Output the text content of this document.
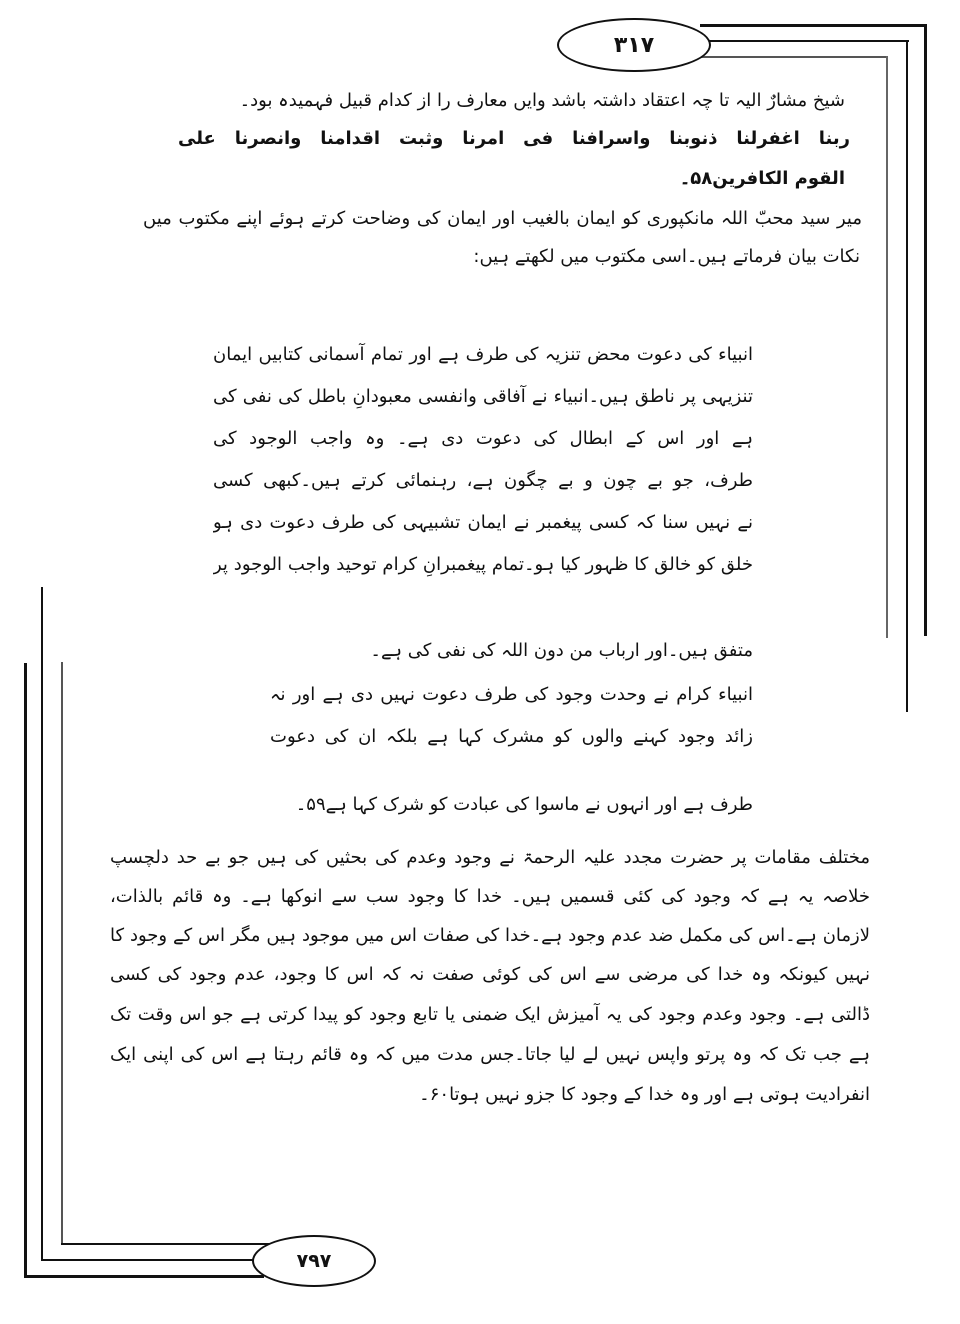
۳۱۷
۷۹۷
شیخ مشارٌ الیہ تا چہ اعتقاد داشتہ باشد وایں معارف را از کدام قبیل فہمیدہ بود۔
ربنا اغفرلنا ذنوبنا واسرافنا فی امرنا وثبت اقدامنا وانصرنا علی
القوم الکافرین۵۸۔
میر سید محبّ اللہ مانکپوری کو ایمان بالغیب اور ایمان کی وضاحت کرتے ہوئے اپنے مکتوب میں
نکات بیان فرماتے ہیں۔اسی مکتوب میں لکھتے ہیں:
انبیاء کی دعوت محض تنزیہ کی طرف ہے اور تمام آسمانی کتابیں ایمان
تنزیہی پر ناطق ہیں۔انبیاء نے آفاقی وانفسی معبودانِ باطل کی نفی کی
ہے اور اس کے ابطال کی دعوت دی ہے۔ وہ واجب الوجود کی
طرف، جو بے چون و بے چگون ہے، رہنمائی کرتے ہیں۔کبھی کسی
نے نہیں سنا کہ کسی پیغمبر نے ایمان تشبیہی کی طرف دعوت دی ہو
خلق کو خالق کا ظہور کیا ہو۔تمام پیغمبرانِ کرام توحید واجب الوجود پر
متفق ہیں۔اور ارباب من دون اللہ کی نفی کی ہے۔
انبیاء کرام نے وحدت وجود کی طرف دعوت نہیں دی ہے اور نہ
زائد وجود کہنے والوں کو مشرک کہا ہے بلکہ ان کی دعوت
طرف ہے اور انہوں نے ماسوا کی عبادت کو شرک کہا ہے۵۹۔
مختلف مقامات پر حضرت مجدد علیہ الرحمۃ نے وجود وعدم کی بحثیں کی ہیں جو بے حد دلچسپ
خلاصہ یہ ہے کہ وجود کی کئی قسمیں ہیں۔ خدا کا وجود سب سے انوکھا ہے۔ وہ قائم بالذات،
لازمان ہے۔اس کی مکمل ضد عدم وجود ہے۔خدا کی صفات اس میں موجود ہیں مگر اس کے وجود کا
نہیں کیونکہ وہ خدا کی مرضی سے اس کی کوئی صفت نہ کہ اس کا وجود، عدم وجود کی کسی
ڈالتی ہے۔ وجود وعدم وجود کی یہ آمیزش ایک ضمنی یا تابع وجود کو پیدا کرتی ہے جو اس وقت تک
ہے جب تک کہ وہ پرتو واپس نہیں لے لیا جاتا۔جس مدت میں کہ وہ قائم رہتا ہے اس کی اپنی ایک
انفرادیت ہوتی ہے اور وہ خدا کے وجود کا جزو نہیں ہوتا۶۰۔
